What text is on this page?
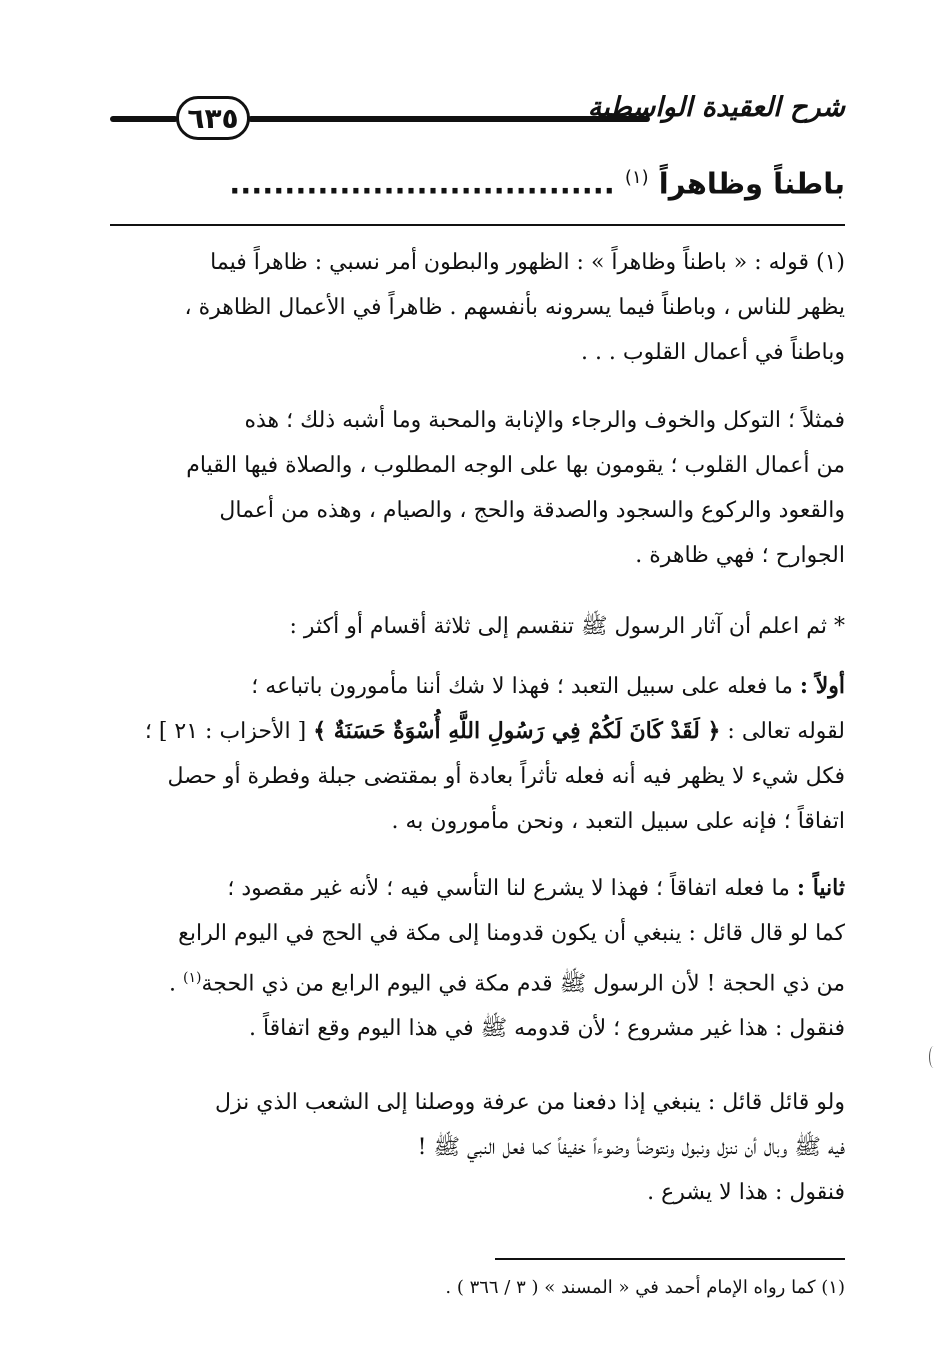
٦٣٥	شرح العقيدة الواسطية
باطناً وظاهراً $^{(١)}$ ...................................

(١) قوله : « باطناً وظاهراً » : الظهور والبطون أمر نسبي : ظاهراً فيما

يظهر للناس ، وباطناً فيما يسرونه بأنفسهم . ظاهراً في الأعمال الظاهرة ،

وباطناً في أعمال القلوب . . .

فمثلاً ؛ التوكل والخوف والرجاء والإنابة والمحبة وما أشبه ذلك ؛ هذه

من أعمال القلوب ؛ يقومون بها على الوجه المطلوب ، والصلاة فيها القيام

والقعود والركوع والسجود والصدقة والحج ، والصيام ، وهذه من أعمال

الجوارح ؛ فهي ظاهرة .

* ثم اعلم أن آثار الرسول ﷺ تنقسم إلى ثلاثة أقسام أو أكثر :

أولاً : ما فعله على سبيل التعبد ؛ فهذا لا شك أننا مأمورون باتباعه ؛

لقوله تعالى : ﴿ لَقَدْ كَانَ لَكُمْ فِي رَسُولِ اللَّهِ أُسْوَةٌ حَسَنَةٌ ﴾ [ الأحزاب : ٢١ ] ؛

فكل شيء لا يظهر فيه أنه فعله تأثراً بعادة أو بمقتضى جبلة وفطرة أو حصل

اتفاقاً ؛ فإنه على سبيل التعبد ، ونحن مأمورون به .

ثانياً : ما فعله اتفاقاً ؛ فهذا لا يشرع لنا التأسي فيه ؛ لأنه غير مقصود ؛

كما لو قال قائل : ينبغي أن يكون قدومنا إلى مكة في الحج في اليوم الرابع

من ذي الحجة ! لأن الرسول ﷺ قدم مكة في اليوم الرابع من ذي الحجة$^{(١)}$ .

فنقول : هذا غير مشروع ؛ لأن قدومه ﷺ في هذا اليوم وقع اتفاقاً .

ولو قائل قائل : ينبغي إذا دفعنا من عرفة ووصلنا إلى الشعب الذي نزل

فيه ﷺ وبال أن ننزل ونبول ونتوضأ وضوءاً خفيفاً كما فعل النبي ﷺ !

فنقول : هذا لا يشرع .

(١) كما رواه الإمام أحمد في « المسند » ( ٣ / ٣٦٦ ) .
